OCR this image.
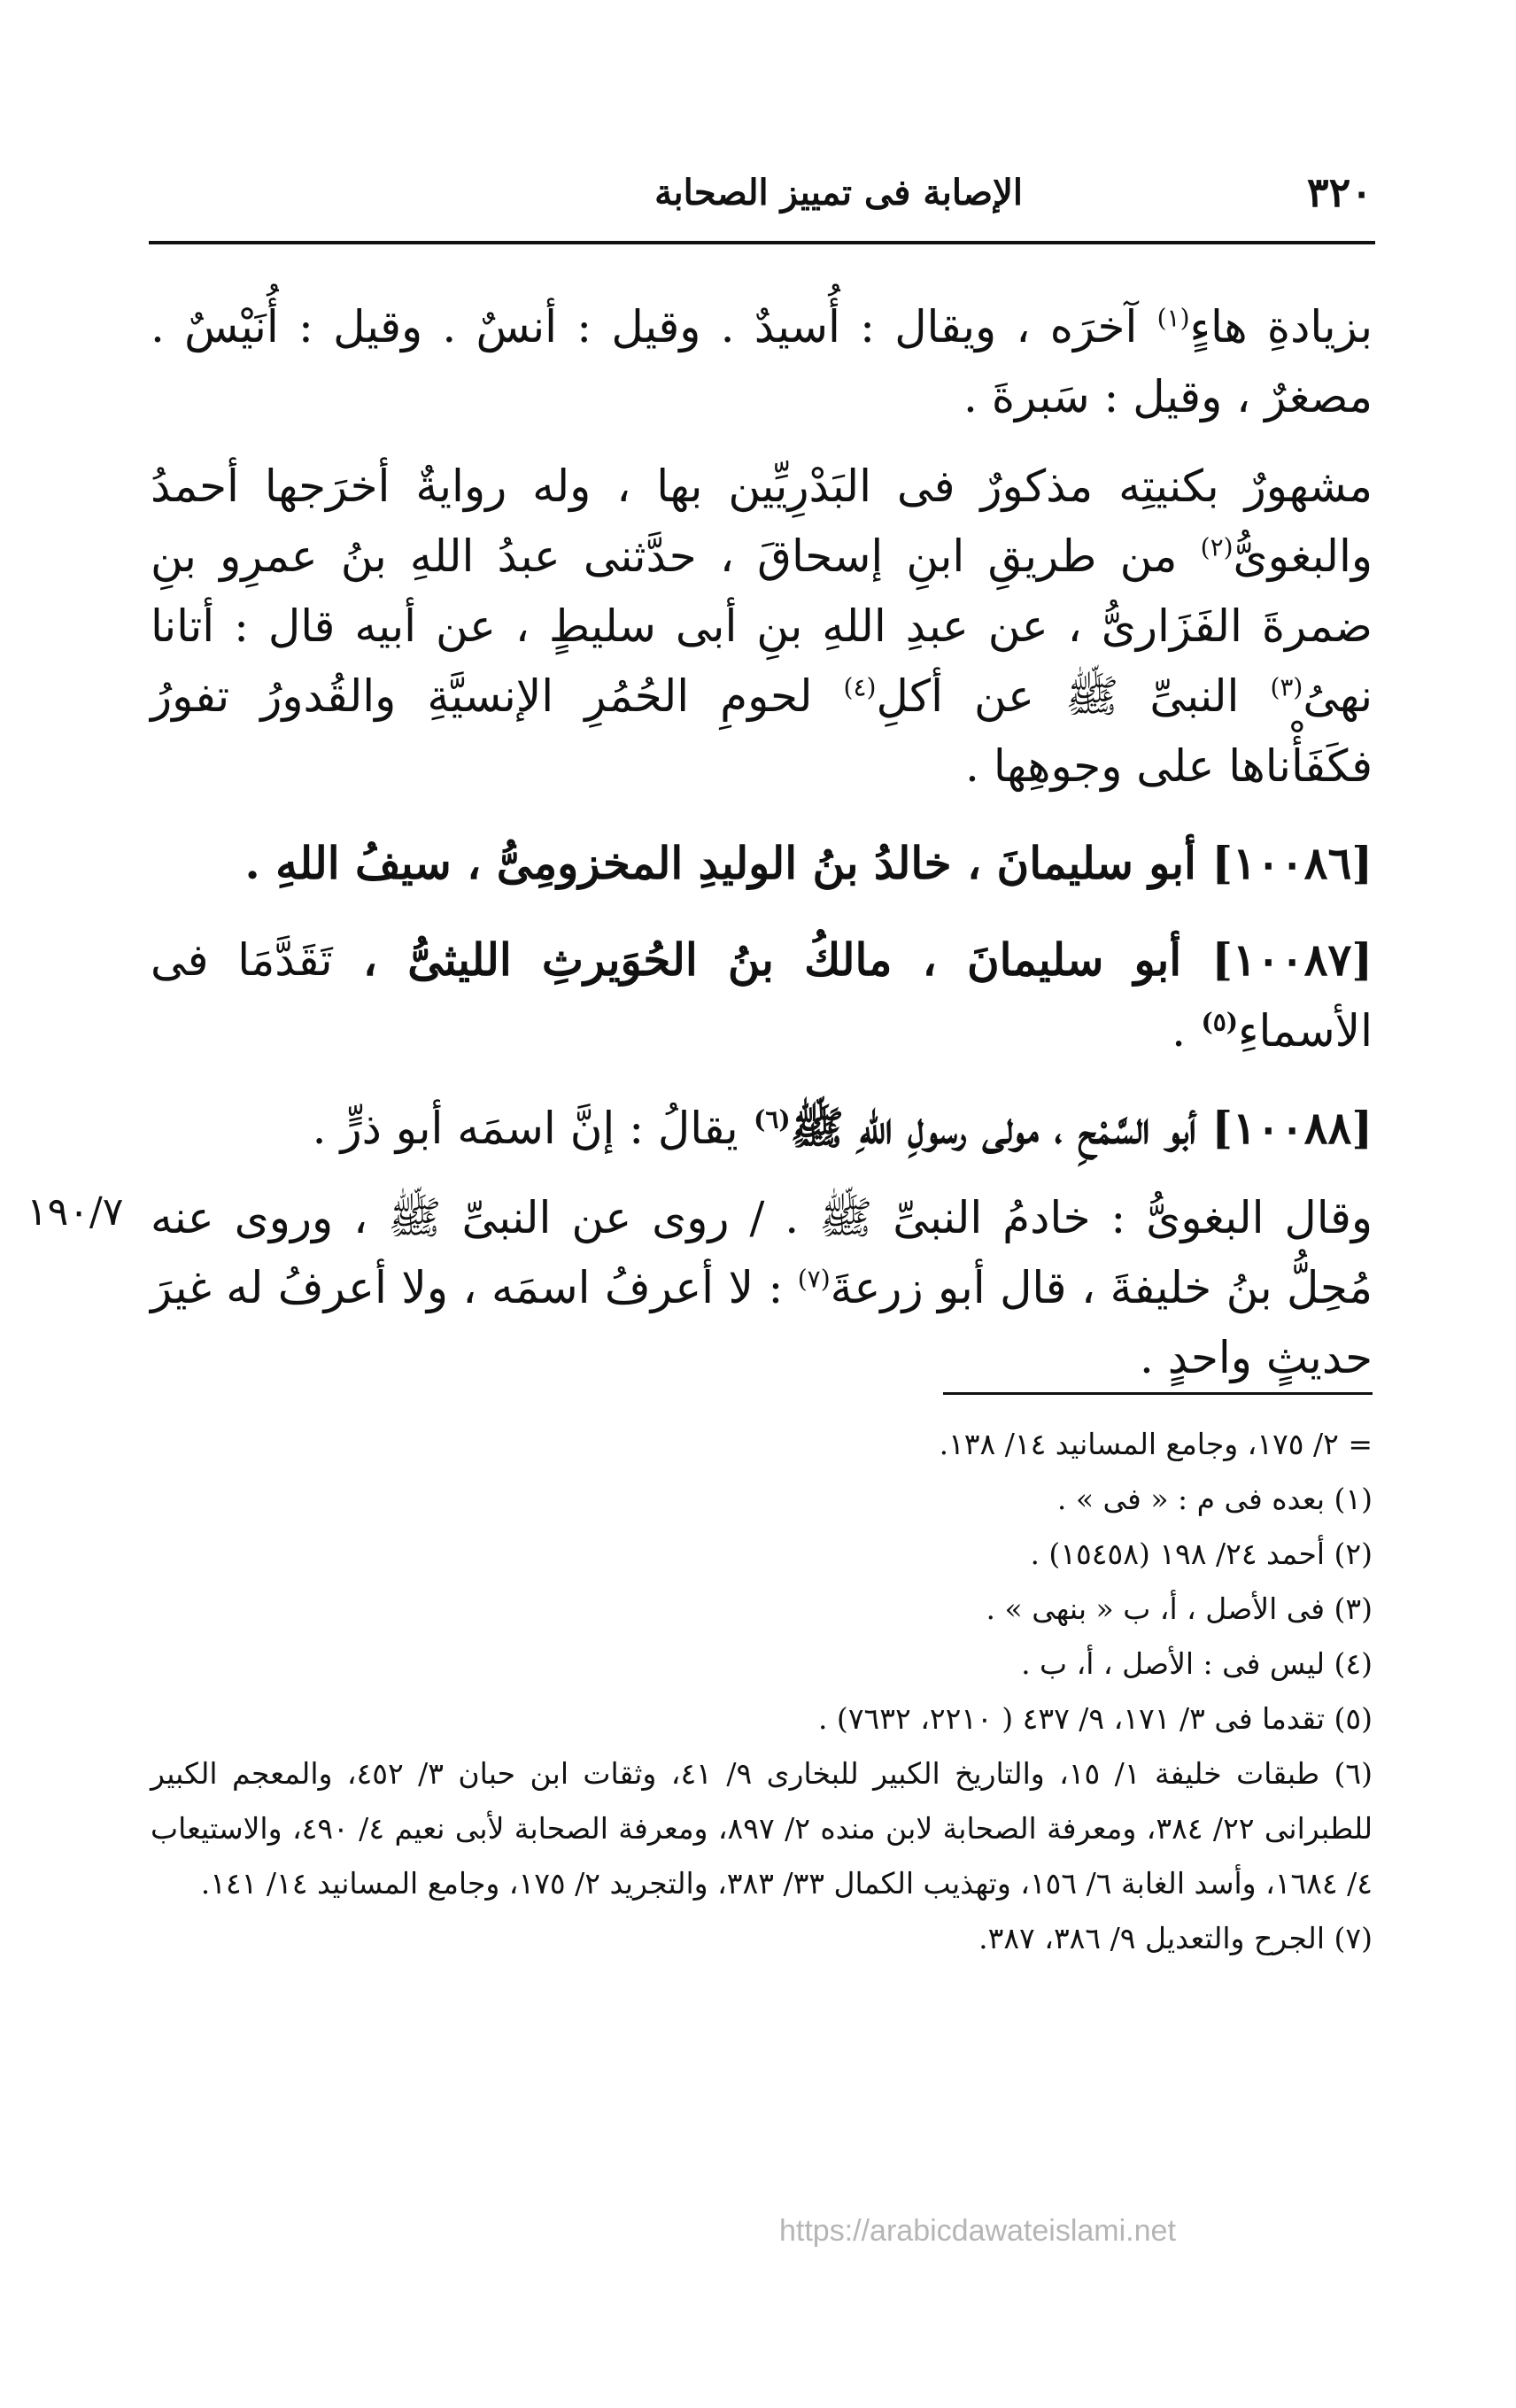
٣٢٠
الإصابة فى تمييز الصحابة

بزيادةِ هاءٍ$^{(١)}$ آخرَه ، ويقال : أُسيدٌ . وقيل : أنسٌ . وقيل : أُنَيْسٌ . مصغرٌ ، وقيل : سَبرةَ .

مشهورٌ بكنيتِه مذكورٌ فى البَدْرِيِّين بها ، وله روايةٌ أخرَجها أحمدُ والبغوىُّ$^{(٢)}$ من طريقِ ابنِ إسحاقَ ، حدَّثنى عبدُ اللهِ بنُ عمرِو بنِ ضمرةَ الفَزَارىُّ ، عن عبدِ اللهِ بنِ أبى سليطٍ ، عن أبيه قال : أتانا نهىُ$^{(٣)}$ النبىِّ ﷺ عن أكلِ$^{(٤)}$ لحومِ الحُمُرِ الإنسيَّةِ والقُدورُ تفورُ فكَفَأْناها على وجوهِها .

[١٠٠٨٦] أبو سليمانَ ، خالدُ بنُ الوليدِ المخزومِىُّ ، سيفُ اللهِ .

[١٠٠٨٧] أبو سليمانَ ، مالكُ بنُ الحُوَيرثِ الليثىُّ ، تَقَدَّمَا فى الأسماءِ$^{(٥)}$ .

[١٠٠٨٨] أبو السَّمْحِ ، مولى رسولِ اللهِ ﷺ$^{(٦)}$ يقالُ : إنَّ اسمَه أبو ذرٍّ .

وقال البغوىُّ : خادمُ النبىِّ ﷺ . / روى عن النبىِّ ﷺ ، وروى عنه مُحِلُّ بنُ خليفةَ ، قال أبو زرعةَ$^{(٧)}$ : لا أعرفُ اسمَه ، ولا أعرفُ له غيرَ حديثٍ واحدٍ .

١٩٠/٧

= ٢/ ١٧٥، وجامع المسانيد ١٤/ ١٣٨.

(١) بعده فى م : « فى » .

(٢) أحمد ٢٤/ ١٩٨ (١٥٤٥٨) .

(٣) فى الأصل ، أ، ب « بنهى » .

(٤) ليس فى : الأصل ، أ، ب .

(٥) تقدما فى ٣/ ١٧١، ٩/ ٤٣٧ ( ٢٢١٠، ٧٦٣٢) .

(٦) طبقات خليفة ١/ ١٥، والتاريخ الكبير للبخارى ٩/ ٤١، وثقات ابن حبان ٣/ ٤٥٢، والمعجم الكبير للطبرانى ٢٢/ ٣٨٤، ومعرفة الصحابة لابن منده ٢/ ٨٩٧، ومعرفة الصحابة لأبى نعيم ٤/ ٤٩٠، والاستيعاب ٤/ ١٦٨٤، وأسد الغابة ٦/ ١٥٦، وتهذيب الكمال ٣٣/ ٣٨٣، والتجريد ٢/ ١٧٥، وجامع المسانيد ١٤/ ١٤١.

(٧) الجرح والتعديل ٩/ ٣٨٦، ٣٨٧.

https://arabicdawateislami.net
